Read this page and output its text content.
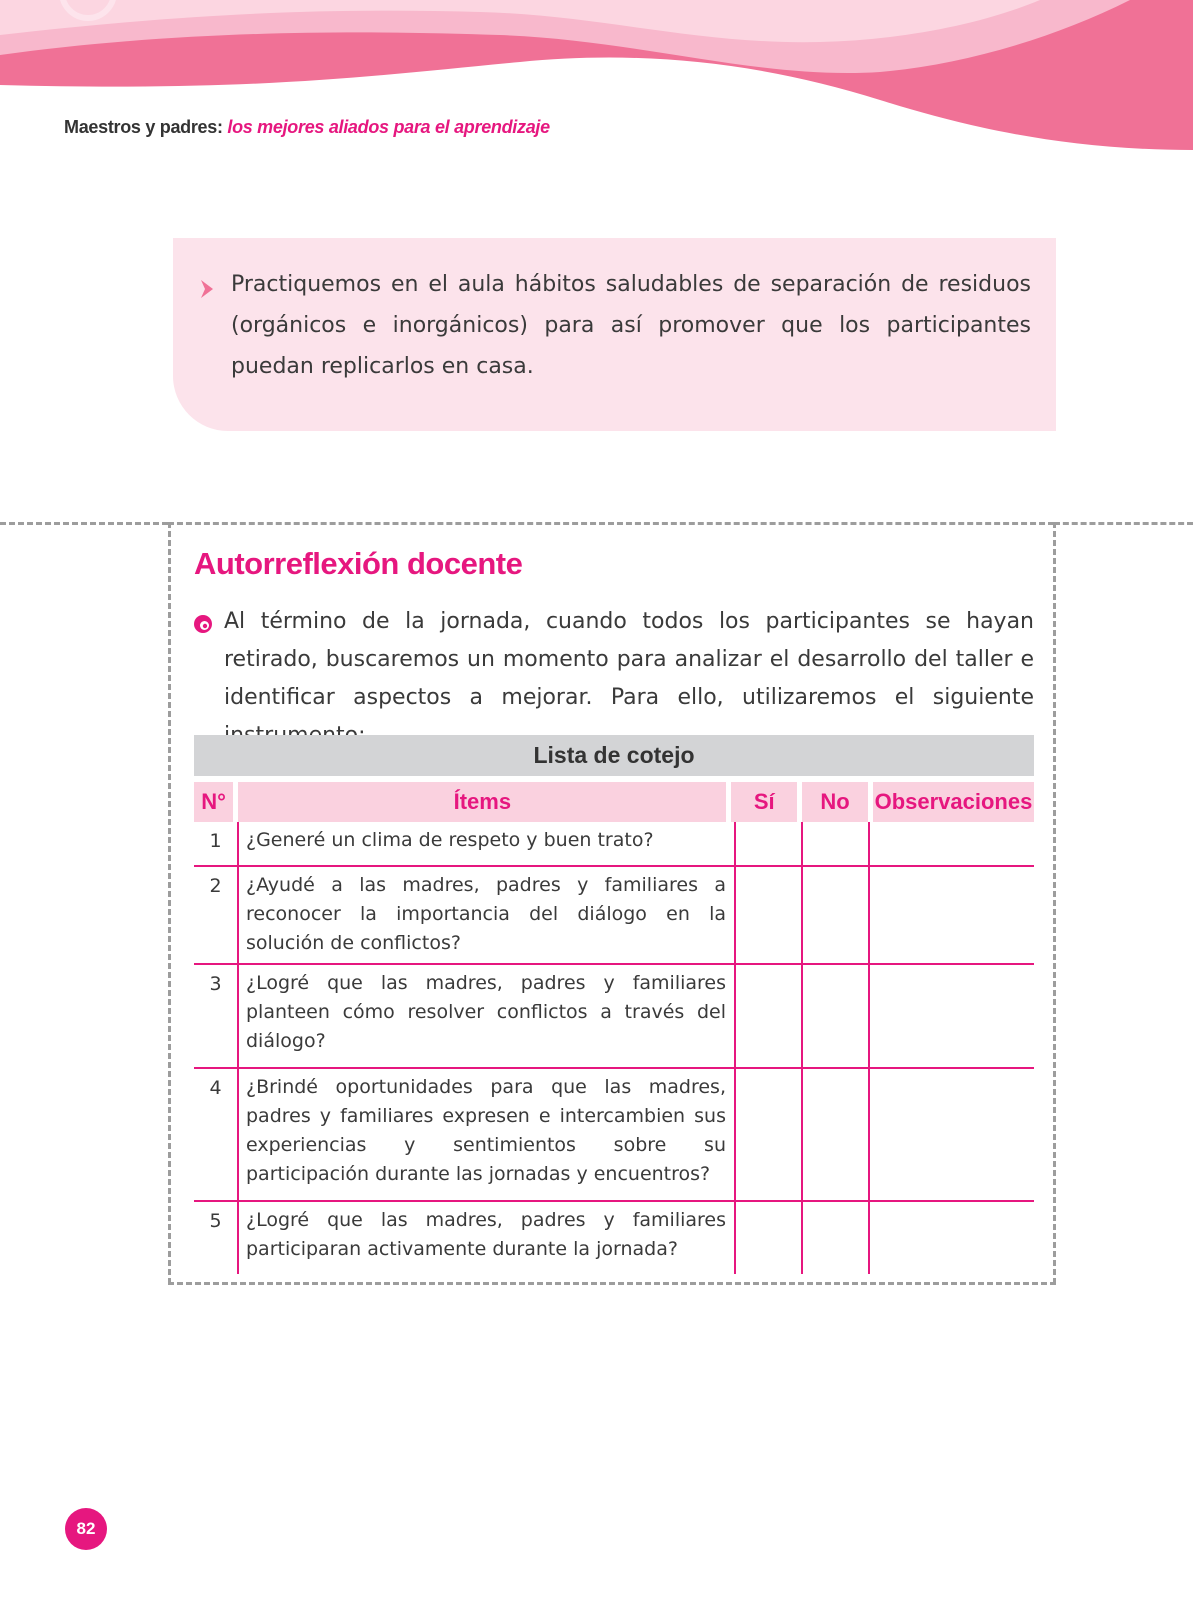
Maestros y padres: los mejores aliados para el aprendizaje
Practiquemos en el aula hábitos saludables de separación de residuos (orgánicos e inorgánicos) para así promover que los participantes puedan replicarlos en casa.
Autorreflexión docente
Al término de la jornada, cuando todos los participantes se hayan retirado, buscaremos un momento para analizar el desarrollo del taller e identificar aspectos a mejorar. Para ello, utilizaremos el siguiente
Lista de cotejo
N°	Ítems	Sí	No	Observaciones
1	¿Generé un clima de respeto y buen trato?
2	¿Ayudé a las madres, padres y familiares a reconocer la importancia del diálogo en la solución de conflictos?
3	¿Logré que las madres, padres y familiares planteen cómo resolver conflictos a través del diálogo?
4	¿Brindé oportunidades para que las madres, padres y familiares expresen e intercambien sus experiencias y sentimientos sobre su participación durante las jornadas y encuentros?
5	¿Logré que las madres, padres y familiares participaran activamente durante la jornada?
82
